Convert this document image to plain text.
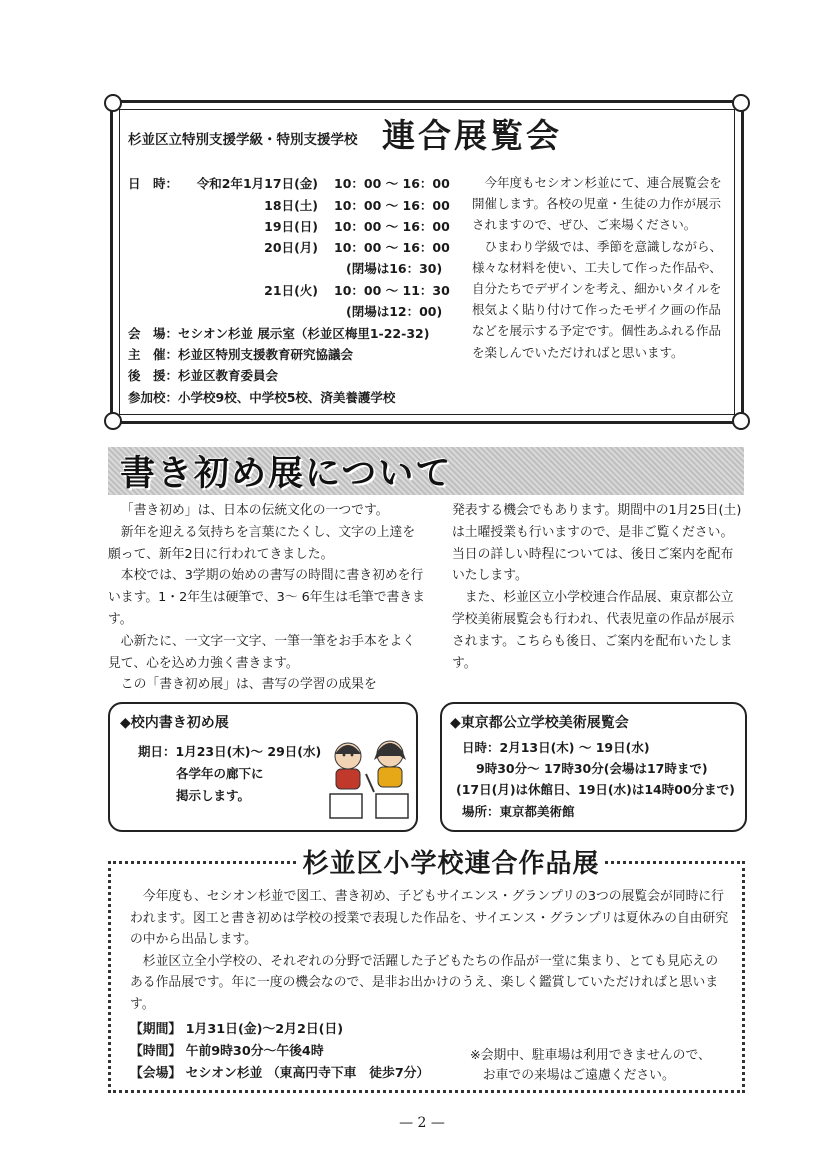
杉並区立特別支援学級・特別支援学校 連合展覧会
日　時：	令和2年1月17日(金) 10：00 ～ 16：00
18日(土) 10：00 ～ 16：00
19日(日) 10：00 ～ 16：00
20日(月) 10：00 ～ 16：00
(閉場は16：30)
21日(火) 10：00 ～ 11：30
(閉場は12：00)
会　場：セシオン杉並 展示室（杉並区梅里1-22-32)
主　催：杉並区特別支援教育研究協議会
後　援：杉並区教育委員会
参加校：小学校9校、中学校5校、済美養護学校

今年度もセシオン杉並にて、連合展覧会を開催します。各校の児童・生徒の力作が展示されますので、ぜひ、ご来場ください。

ひまわり学級では、季節を意識しながら、様々な材料を使い、工夫して作った作品や、自分たちでデザインを考え、細かいタイルを根気よく貼り付けて作ったモザイク画の作品などを展示する予定です。個性あふれる作品を楽しんでいただければと思います。

書き初め展について

「書き初め」は、日本の伝統文化の一つです。

新年を迎える気持ちを言葉にたくし、文字の上達を願って、新年2日に行われてきました。

本校では、3学期の始めの書写の時間に書き初めを行います。1・2年生は硬筆で、3～ 6年生は毛筆で書きます。

心新たに、一文字一文字、一筆一筆をお手本をよく見て、心を込め力強く書きます。

この「書き初め展」は、書写の学習の成果を

発表する機会でもあります。期間中の1月25日(土)は土曜授業も行いますので、是非ご覧ください。当日の詳しい時程については、後日ご案内を配布いたします。

また、杉並区立小学校連合作品展、東京都公立学校美術展覧会も行われ、代表児童の作品が展示されます。こちらも後日、ご案内を配布いたします。

◆校内書き初め展
期日：1月23日(木)～ 29日(水)
各学年の廊下に
掲示します。
◆東京都公立学校美術展覧会
日時：2月13日(木) ～ 19日(水)
9時30分～ 17時30分(会場は17時まで)
(17日(月)は休館日、19日(水)は14時00分まで)
場所：東京都美術館
杉並区小学校連合作品展

今年度も、セシオン杉並で図工、書き初め、子どもサイエンス・グランプリの3つの展覧会が同時に行われます。図工と書き初めは学校の授業で表現した作品を、サイエンス・グランプリは夏休みの自由研究の中から出品します。

杉並区立全小学校の、それぞれの分野で活躍した子どもたちの作品が一堂に集まり、とても見応えのある作品展です。年に一度の機会なので、是非お出かけのうえ、楽しく鑑賞していただければと思います。

【期間】 1月31日(金)～2月2日(日)
【時間】 午前9時30分～午後4時
【会場】 セシオン杉並 （東高円寺下車　徒歩7分）
※会期中、駐車場は利用できませんので、
　お車での来場はご遠慮ください。
— 2 —
